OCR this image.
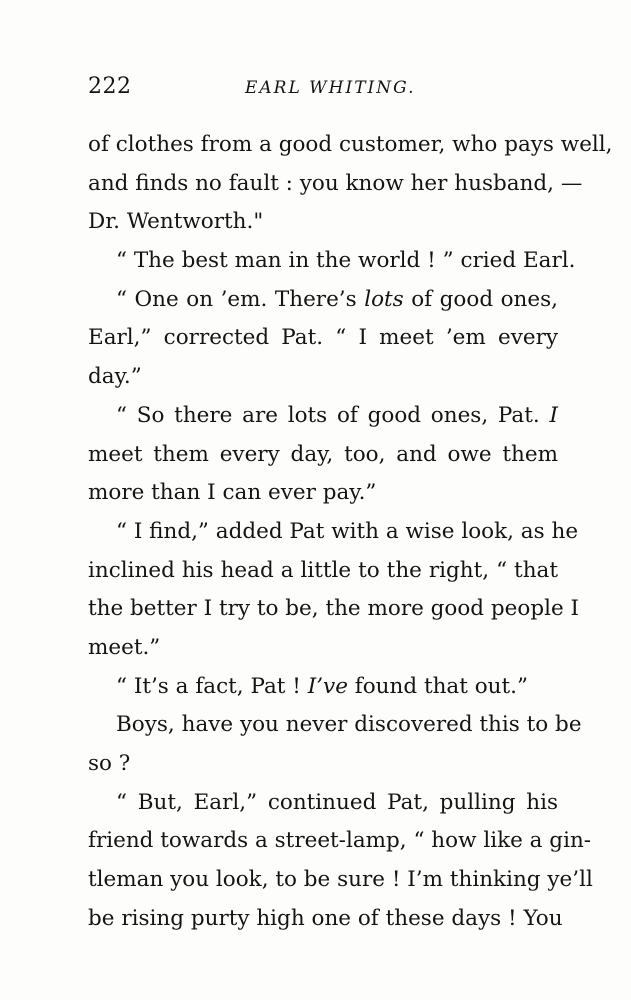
222	EARL WHITING.
of clothes from a good customer, who pays well,
and finds no fault : you know her husband, —
Dr. Wentworth."
“ The best man in the world ! ” cried Earl.
“ One on ’em. There’s lots of good ones,
Earl,” corrected Pat. “ I meet ’em every
day.”
“ So there are lots of good ones, Pat. I
meet them every day, too, and owe them
more than I can ever pay.”
“ I find,” added Pat with a wise look, as he
inclined his head a little to the right, “ that
the better I try to be, the more good people I
meet.”
“ It’s a fact, Pat ! I’ve found that out.”
Boys, have you never discovered this to be
so ?
“ But, Earl,” continued Pat, pulling his
friend towards a street-lamp, “ how like a gin-
tleman you look, to be sure ! I’m thinking ye’ll
be rising purty high one of these days ! You
